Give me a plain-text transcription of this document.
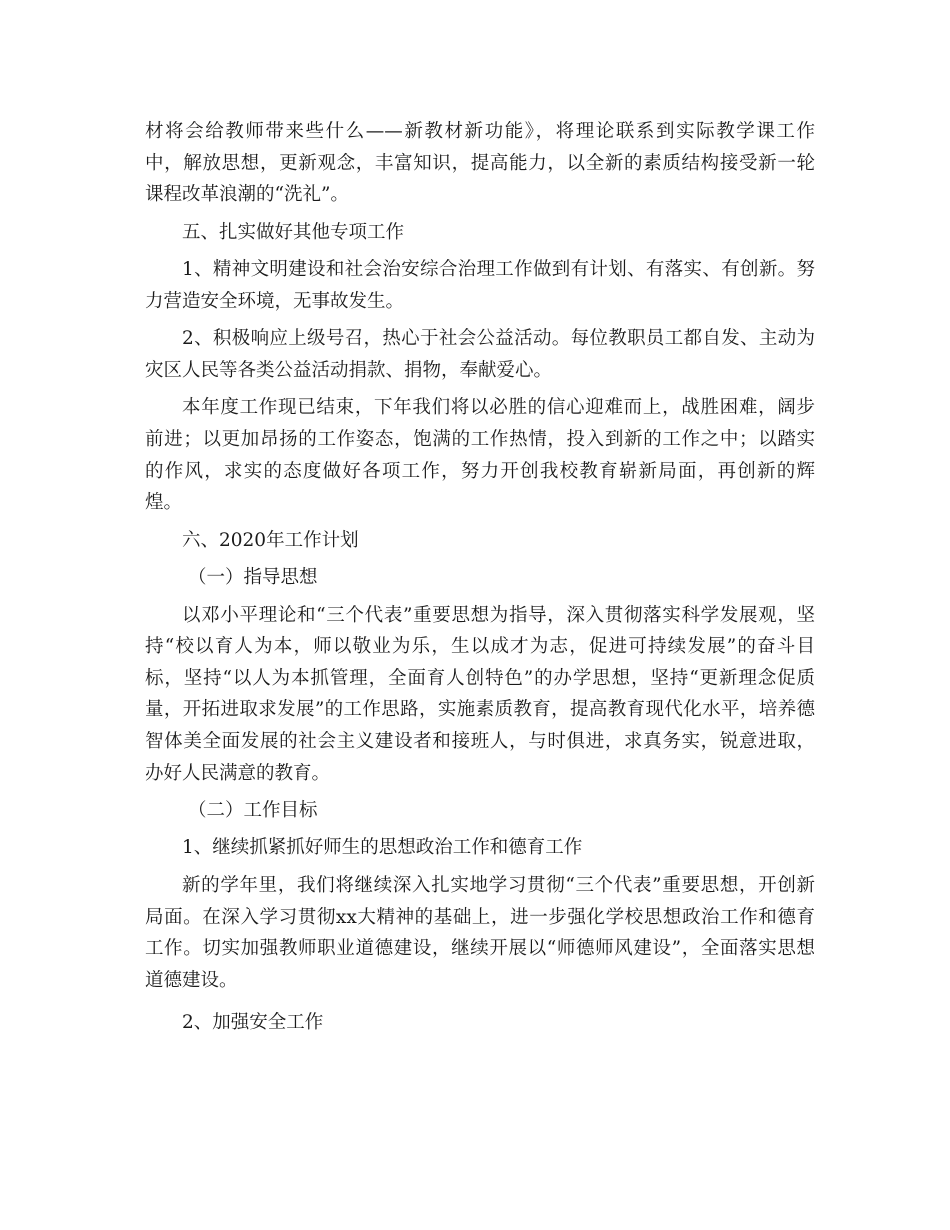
材将会给教师带来些什么——新教材新功能》，将理论联系到实际教学课工作
中，解放思想，更新观念，丰富知识，提高能力，以全新的素质结构接受新一轮
课程改革浪潮的“洗礼”。
五、扎实做好其他专项工作
1、精神文明建设和社会治安综合治理工作做到有计划、有落实、有创新。努
力营造安全环境，无事故发生。
2、积极响应上级号召，热心于社会公益活动。每位教职员工都自发、主动为
灾区人民等各类公益活动捐款、捐物，奉献爱心。
本年度工作现已结束，下年我们将以必胜的信心迎难而上，战胜困难，阔步
前进；以更加昂扬的工作姿态，饱满的工作热情，投入到新的工作之中；以踏实
的作风，求实的态度做好各项工作，努力开创我校教育崭新局面，再创新的辉
煌。
六、2020年工作计划
（一）指导思想
以邓小平理论和“三个代表”重要思想为指导，深入贯彻落实科学发展观，坚
持“校以育人为本，师以敬业为乐，生以成才为志，促进可持续发展”的奋斗目
标，坚持“以人为本抓管理，全面育人创特色”的办学思想，坚持“更新理念促质
量，开拓进取求发展”的工作思路，实施素质教育，提高教育现代化水平，培养德
智体美全面发展的社会主义建设者和接班人，与时俱进，求真务实，锐意进取，
办好人民满意的教育。
（二）工作目标
1、继续抓紧抓好师生的思想政治工作和德育工作
新的学年里，我们将继续深入扎实地学习贯彻“三个代表”重要思想，开创新
局面。在深入学习贯彻xx大精神的基础上，进一步强化学校思想政治工作和德育
工作。切实加强教师职业道德建设，继续开展以“师德师风建设”，全面落实思想
道德建设。
2、加强安全工作
